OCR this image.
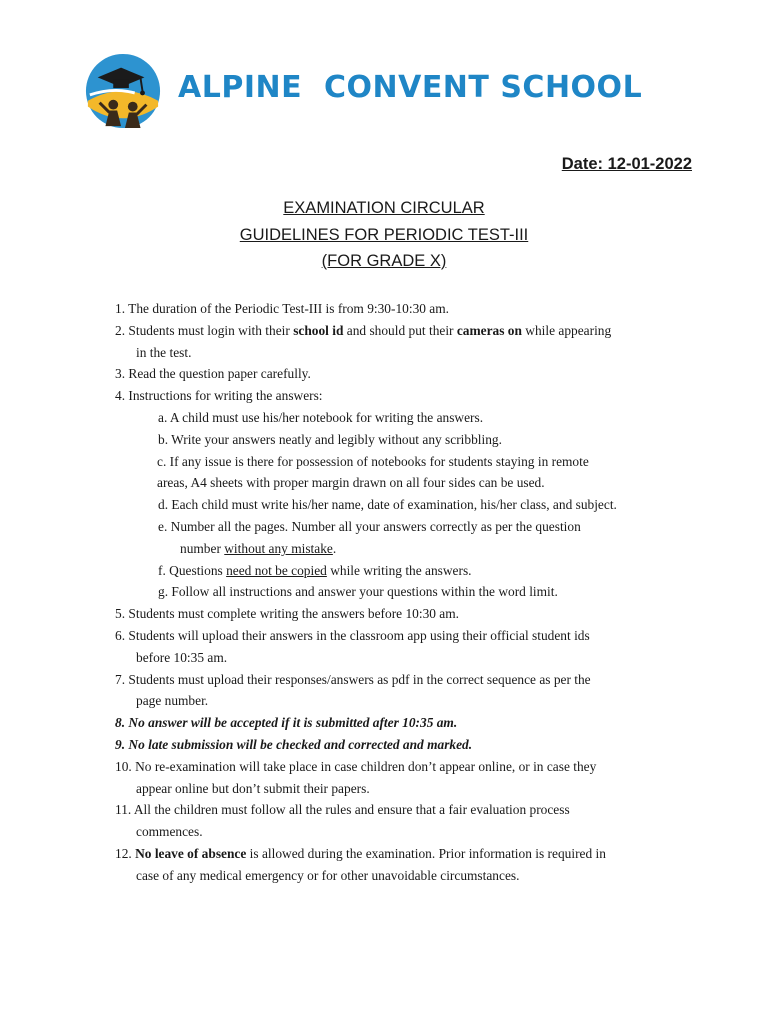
ALPINE  CONVENT SCHOOL
Date: 12-01-2022
EXAMINATION CIRCULAR
GUIDELINES FOR PERIODIC TEST-III
(FOR GRADE X)
1. The duration of the Periodic Test-III is from 9:30-10:30 am.
2. Students must login with their school id and should put their cameras on while appearing
in the test.
3. Read the question paper carefully.
4. Instructions for writing the answers:
a. A child must use his/her notebook for writing the answers.
b. Write your answers neatly and legibly without any scribbling.
c. If any issue is there for possession of notebooks for students staying in remote
areas, A4 sheets with proper margin drawn on all four sides can be used.
d. Each child must write his/her name, date of examination, his/her class, and subject.
e. Number all the pages. Number all your answers correctly as per the question
number without any mistake.
f. Questions need not be copied while writing the answers.
g. Follow all instructions and answer your questions within the word limit.
5. Students must complete writing the answers before 10:30 am.
6. Students will upload their answers in the classroom app using their official student ids
before 10:35 am.
7. Students must upload their responses/answers as pdf in the correct sequence as per the
page number.
8. No answer will be accepted if it is submitted after 10:35 am.
9. No late submission will be checked and corrected and marked.
10. No re-examination will take place in case children don’t appear online, or in case they
appear online but don’t submit their papers.
11. All the children must follow all the rules and ensure that a fair evaluation process
commences.
12. No leave of absence is allowed during the examination. Prior information is required in
case of any medical emergency or for other unavoidable circumstances.
